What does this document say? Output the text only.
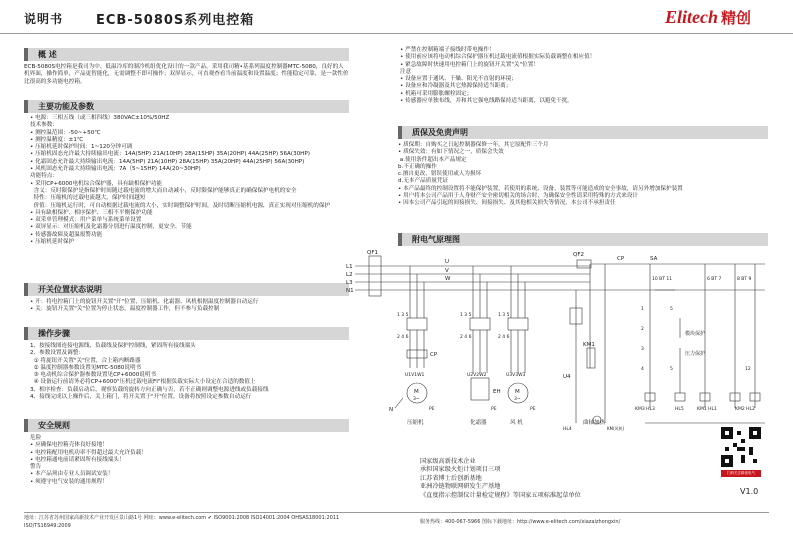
说明书	ECB-5080S系列电控箱	Elitech 精创
概 述
ECB-5080S电控箱是我司为中、低温冷库的制冷机组优化设计的一款产品。采用我司精•基系列温度控制器MTC-5080，良好的人机界面，操作简单，产品更智能化，无需调整不即可操作；双屏显示，可直观查看当前温度和设置温度；性能稳定可靠，是一款性价比很高的多功能电控箱。
主要功能及参数
• 电源：三相五线（或三相四线）380VAC±10%/50HZ
技术参数：
• 测控温范围：-50~+50℃
• 测控温精度：±1℃
• 压缩机延时保护时间：1~120分钟可调
• 压缩机固态允许最大持续输出电流：14A(5HP) 21A(10HP) 28A(15HP) 35A(20HP) 44A(25HP) 56A(30HP)
• 化霜固态允许最大持续输出电流：14A(5HP) 21A(10HP) 28A(15HP) 35A(20HP) 44A(25HP) 56A(30HP)
• 风机固态允许最大持续输出电流：7A（5~15HP) 14A(20~30HP)
功能特点：
• 采用CP+6000电机综合保护器，具有缺相保护功能
含义：反时限保护是指保护时间随过载电流的增大而自动减小，反时限保护能够真正的确保保护电机的安全
特性：压缩机的过载电流越大，保护时间越短
价值：压缩机运行时，可自动根据过载电流的大小，实时调整保护时间，及时切断压缩机电源，真正实现对压缩机的保护
• 具有缺相保护、相序保护、三相不平衡保护功能
• 双采单管理模式：用户菜单与系统菜单设置
• 双屏显示：对压缩机及化霜器分别进行温度控制，更安全、节能
• 传感器故障及超温报警功能
• 压缩机延时保护
开关位置状态说明
• 开：将电控箱门上的旋钮开关置"开"位置，压缩机、化霜器、风机根据温度控制器自动运行
• 关：旋钮开关置"关"位置为停止状态，温度控制器工作，但不参与负载控制
操作步骤
1、按接线图连接电源线、负载线及保护控制线，紧固所有接线端头
2、参数设置及调整：
① 将旋钮开关置"关"位置，合上箱内断路器
② 温度控制器参数设置见MTC-5080说明书
③ 电动机综合保护器参数设置见CP+6000说明书
④ 设备运行前请务必将CP+6000"压机过载电流FI"根据负载实际大小设定在合适的数值上
3、相序检查：负载启动后，观察负载的旋转方向正确与否，若不正确则调整电源进线或负载接线
4、接线完成以上操作后，关上箱门，将开关置于"开"位置，设备将按照设定参数自动运行
安全规则
危险
• 应确保电控箱壳体良好接地！
• 电控箱配用电机功率不得超过最大允许负载！
• 电控箱通电前请紧固所有接线端头！
警告
• 本产品须由专业人员调试安装！
• 须遵守电气安装的通用规程！
• 严禁在控制箱端子接线时带电操作！
• 使用前应该将电动机综合保护器压机过载电流值根据实际负载调整在相应值！
• 紧急故障时快速用电控箱门上的旋钮开关置"关"位置！
注意
• 设备应置于通风、干燥、阳光不直射的环境；
• 设备应和冷凝器及其它热源保持适当距离；
• 机箱可采用膨胀螺栓固定；
• 传感器应单独布线，并和其它强电线路保持适当距离，以避免干扰。
质保及免责声明
• 质保期：自购买之日起控制器保修一年，其它原配件三个月
• 质保失效：有如下情况之一，质保会失效
a.使用条件超出本产品规定
b.不正确的操作
c.擅自更改、错误使用或人为损坏
d.无本产品质量凭证
• 本产品最终的控制设置将不能保护装置，若使用的系统、设备、装置等可能造成的安全事故，请另外增加保护装置
• 用户将本公司产品用于人身财产安全密切相关的场合时，为确保安全性请采用特殊的方式来设计
• 因本公司产品引起的间接损失、间接损失、及其他相关损失等情况，本公司不承担责任
附电气原理图
L1
L2
L3
N1
QF1
U
V
W
1 3 5	1 3 5	1 3 5
2 4 6	2 4 6	2 4 6
CP
U1V1W1	U2V2W2	U3V3W3
M
3~
M
3~
EH
N	PE	PE	PE
压缩机	化霜器	风 机	曲轴加热
QF2
CP	SA
KM1
U4
HL4	KM(风机)
10 BT 11	6 BT 7	8 BT 9
1
2
3
4
5
5	12
模块保护
压力保护
KM3 HL3	HL5	KM1 HL1	KM2 HL2
国家级高新技术企业
承担国家级火炬计划项目三项
江苏省博士后创新基地
亚洲冷链物联网研发生产基地
《直度指示控制仪计量检定规程》等国家五项标准起草单位
扫码关注精创电气
V1.0
地址：江苏省苏州国家高新技术产业开发区景山路1号 网址：www.e-elitech.com ✔ ISO9001:2008 ISO14001:2004 OHSAS18001:2011 ISO/TS16949:2009
服务热线：400-067-5966 图标下载地址：http://www.e-elitech.com/xiazaizhongxin/
